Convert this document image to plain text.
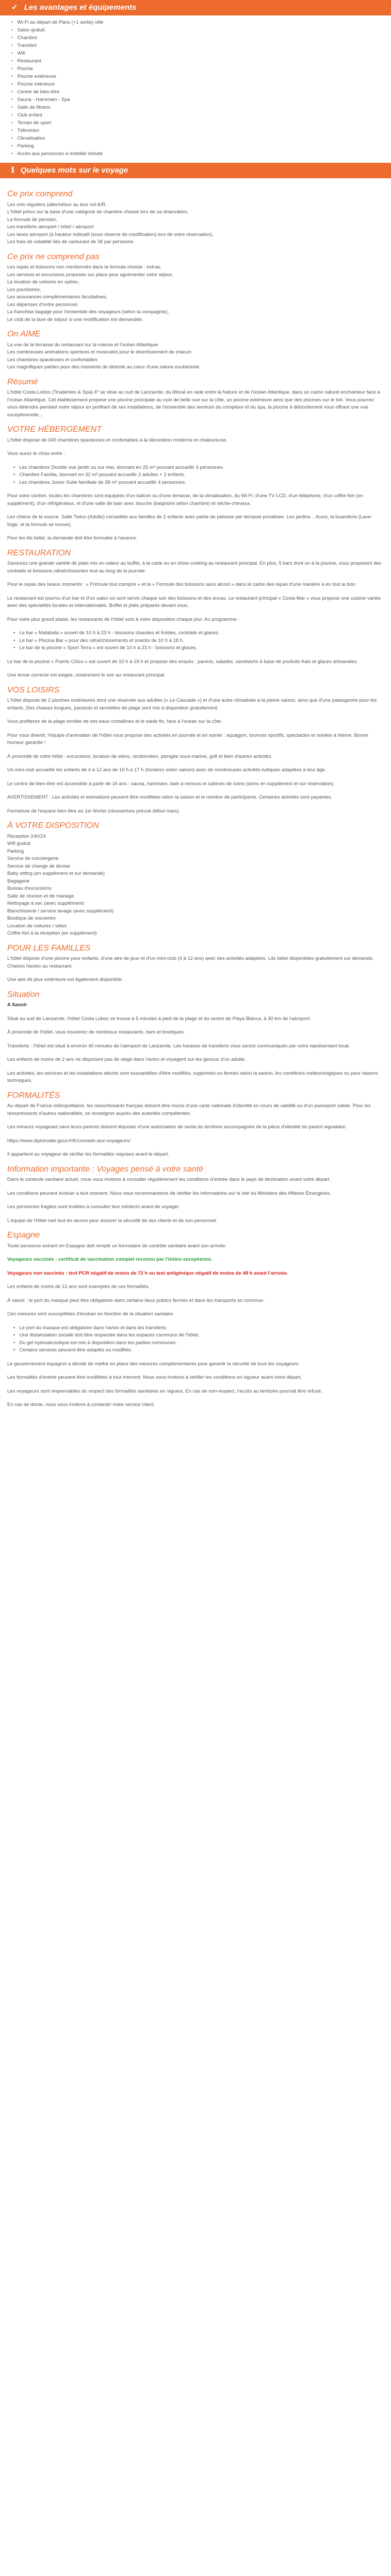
✓ Les avantages et équipements
• Wi-Fi au départ de Paris (+1 sortie) ville
• Salon gratuit
• Chambre
• Transfert
• Wifi
• Restaurant
• Piscine
• Piscine extérieure
• Piscine intérieure
• Centre de bien-être
• Sauna - Hammam - Spa
• Salle de fitness
• Club enfant
• Terrain de sport
• Télévision
• Climatisation
• Parking
• Accès aux personnes à mobilité réduite
ℹ Quelques mots sur le voyage
Ce prix comprend
Les vols réguliers (aller/retour au tour vol A/R,
L'hôtel prévu sur la base d'une catégorie de chambre choisie lors de sa réservation,
La formule de pension,
Les transferts aéroport / hôtel / aéroport
Les taxes aéroport (à hauteur indicatif (sous réserve de modification) lors de votre réservation),
Les frais de volatilité liés de carburant de 3€ par personne.
Ce prix ne comprend pas
Les repas et boissons non mentionnés dans la formule choisie : extras,
Les services et excursions proposés sur place pour agrémenter votre séjour,
La location de voitures en option,
Les pourboires,
Les assurances complémentaires facultatives,
Les dépenses d'ordre personnel,
La franchise bagage pour l'ensemble des voyageurs (selon la compagnie),
Le coût de la taxe de séjour si une modification est demandée.
On AIME
La vue de la terrasse du restaurant sur la marina et l'océan Atlantique
Les nombreuses animations sportives et musicales pour le divertissement de chacun
Les chambres spacieuses et confortables
Les magnifiques parties pour des moments de détente au cœur d'une nature exubérante
Résumé

L'hôtel Costa Lobos (Tiradentes & Spa) 4* se situe au sud de Lanzarote, du littoral en rade entre la Nature et de l'océan Atlantique, dans un cadre naturel enchanteur face à l'océan Atlantique. Cet établissement propose une piscine principale au coin de belle vue sur la côte, un piscine extérieure ainsi que des piscines sur le toit. Vous pourrez vous détendre pendant votre séjour en profitant de ses installations, de l'ensemble des services du complexe et du spa, la piscine à débordement vous offrant une vue exceptionnelle...

VOTRE HÉBERGEMENT

L'hôtel dispose de 340 chambres spacieuses et confortables à la décoration moderne et chaleureuse.

Vous aurez le choix entre :

• Les chambres Double vue jardin ou sur mer, donnant en 25 m² pouvant accueillir 3 personnes.
• Chambre Familia, donnant en 32 m² pouvant accueillir 2 adultes + 2 enfants.
• Les chambres Junior Suite familiale de 38 m² pouvant accueillir 4 personnes.

Pour votre confort, toutes les chambres sont équipées d'un balcon ou d'une terrasse, de la climatisation, du Wi-Fi, d'une TV LCD, d'un téléphone, d'un coffre-fort (en supplément), d'un réfrigérateur, et d'une salle de bain avec douche (baignoire selon chambre) et sèche-cheveux.

Les chiens de la source. Salle Twins (Adulte) conseillée aux familles de 2 enfants avec partie de pelouse par terrasse privatisée. Les jardins... Aussi, la buanderie (Lave-linge, et la formule se trouve).

Pour les lits bébé, la demande doit être formulée à l'avance.

RESTAURATION

Savourez une grande variété de plats mis en valeur au buffet, à la carte ou en show cooking au restaurant principal. En plus, 5 bars dont un à la piscine, vous proposent des cocktails et boissons rafraîchissantes tout au long de la journée.

Pour le repas des beaux moments : « Formule tout compris » et la « Formule des boissons sans alcool » dans le cadre des repas d'une manière à en tout le bon.

Le restaurant est pourvu d'un bar et d'un salon où sont servis chaque soir des boissons et des encas. Le restaurant principal « Costa Mar » vous propose une cuisine variée avec des spécialités locales et internationales. Buffet et plats préparés devant vous.

Pour votre plus grand plaisir, les restaurants de l'hôtel sont à votre disposition chaque jour. Au programme :

• Le bar « Malabata » ouvert de 10 h à 23 h - boissons chaudes et froides, cocktails et glaces.
• Le bar « Piscina Bar » pour des rafraîchissements et snacks de 10 h à 18 h.
• Le bar de la piscine « Sport Terra » est ouvert de 10 h à 23 h - boissons et glaces.

Le bar de la piscine « Puerto Chico » est ouvert de 10 h à 19 h et propose des snacks : paninis, salades, sandwichs à base de produits frais et glaces artisanales.

Une tenue correcte est exigée, notamment le soir au restaurant principal.

VOS LOISIRS

L'hôtel dispose de 2 piscines extérieures dont une réservée aux adultes (« Le Cascade ») et d'une autre climatisée à la pleine saison, ainsi que d'une pataugeoire pour les enfants. Des chaises longues, parasols et serviettes de plage sont mis à disposition gratuitement.

Vous profiterez de la plage bordée de ses eaux cristallines et le sable fin, face à l'océan sur la côte.

Pour vous divertir, l'équipe d'animation de l'hôtel vous propose des activités en journée et en soirée : aquagym, tournois sportifs, spectacles et soirées à thème. Bonne humeur garantie !

À proximité de votre hôtel : excursions, location de vélos, randonnées, plongée sous-marine, golf et bien d'autres activités.

Un mini-club accueille les enfants de 4 à 12 ans de 10 h à 17 h (horaires selon saison) avec de nombreuses activités ludiques adaptées à leur âge.

Le centre de bien-être est accessible à partir de 16 ans : sauna, hammam, bain à remous et cabines de soins (soins en supplément et sur réservation).

AVERTISSEMENT : Les activités et animations peuvent être modifiées selon la saison et le nombre de participants. Certaines activités sont payantes.

Fermeture de l'espace bien-être au 1er février (réouverture prévue début mars).

À VOTRE DISPOSITION
Réception 24h/24
Wifi gratuit
Parking
Service de conciergerie
Service de change de devise
Baby sitting (en supplément et sur demande)
Bagagerie
Bureau d'excursions
Salle de réunion et de mariage
Nettoyage à sec (avec supplément)
Blanchisserie / service lavage (avec supplément)
Boutique de souvenirs
Location de voitures / vélos
Coffre-fort à la réception (en supplément)
POUR LES FAMILLES

L'hôtel dispose d'une piscine pour enfants, d'une aire de jeux et d'un mini-club (4 à 12 ans) avec des activités adaptées. Lits bébé disponibles gratuitement sur demande. Chaises hautes au restaurant.

Une aire de jeux extérieure est également disponible.

Situation

A Savoir

Situé au sud de Lanzarote, l'hôtel Costa Lobos se trouve à 5 minutes à pied de la plage et du centre de Playa Blanca, à 30 km de l'aéroport.

À proximité de l'hôtel, vous trouverez de nombreux restaurants, bars et boutiques.

Transferts : l'hôtel est situé à environ 40 minutes de l'aéroport de Lanzarote. Les horaires de transferts vous seront communiqués par votre représentant local.

Les enfants de moins de 2 ans ne disposent pas de siège dans l'avion et voyagent sur les genoux d'un adulte.

Les activités, les services et les installations décrits sont susceptibles d'être modifiés, supprimés ou fermés selon la saison, les conditions météorologiques ou pour raisons techniques.

FORMALITÉS

Au départ de France métropolitaine, les ressortissants français doivent être munis d'une carte nationale d'identité en cours de validité ou d'un passeport valide. Pour les ressortissants d'autres nationalités, se renseigner auprès des autorités compétentes.

Les mineurs voyageant sans leurs parents doivent disposer d'une autorisation de sortie du territoire accompagnée de la pièce d'identité du parent signataire.

https://www.diplomatie.gouv.fr/fr/conseils-aux-voyageurs/

Il appartient au voyageur de vérifier les formalités requises avant le départ.

Information importante : Voyages pensé à votre santé

Dans le contexte sanitaire actuel, nous vous invitons à consulter régulièrement les conditions d'entrée dans le pays de destination avant votre départ.

Les conditions peuvent évoluer à tout moment. Nous vous recommandons de vérifier les informations sur le site du Ministère des Affaires Étrangères.

Les personnes fragiles sont invitées à consulter leur médecin avant de voyager.

L'équipe de l'hôtel met tout en œuvre pour assurer la sécurité de ses clients et de son personnel.

Espagne

Toute personne entrant en Espagne doit remplir un formulaire de contrôle sanitaire avant son arrivée.

Voyageurs vaccinés : certificat de vaccination complet reconnu par l'Union européenne.

Voyageurs non vaccinés : test PCR négatif de moins de 72 h ou test antigénique négatif de moins de 48 h avant l'arrivée.

Les enfants de moins de 12 ans sont exemptés de ces formalités.

À savoir : le port du masque peut être obligatoire dans certains lieux publics fermés et dans les transports en commun.

Ces mesures sont susceptibles d'évoluer en fonction de la situation sanitaire.

• Le port du masque est obligatoire dans l'avion et dans les transferts.
• Une distanciation sociale doit être respectée dans les espaces communs de l'hôtel.
• Du gel hydroalcoolique est mis à disposition dans les parties communes.
• Certains services peuvent être adaptés ou modifiés.

Le gouvernement espagnol a décidé de mettre en place des mesures complémentaires pour garantir la sécurité de tous les voyageurs.

Les formalités d'entrée peuvent être modifiées à tout moment. Nous vous invitons à vérifier les conditions en vigueur avant votre départ.

Les voyageurs sont responsables du respect des formalités sanitaires en vigueur. En cas de non-respect, l'accès au territoire pourrait être refusé.

En cas de doute, nous vous invitons à contacter notre service client.
